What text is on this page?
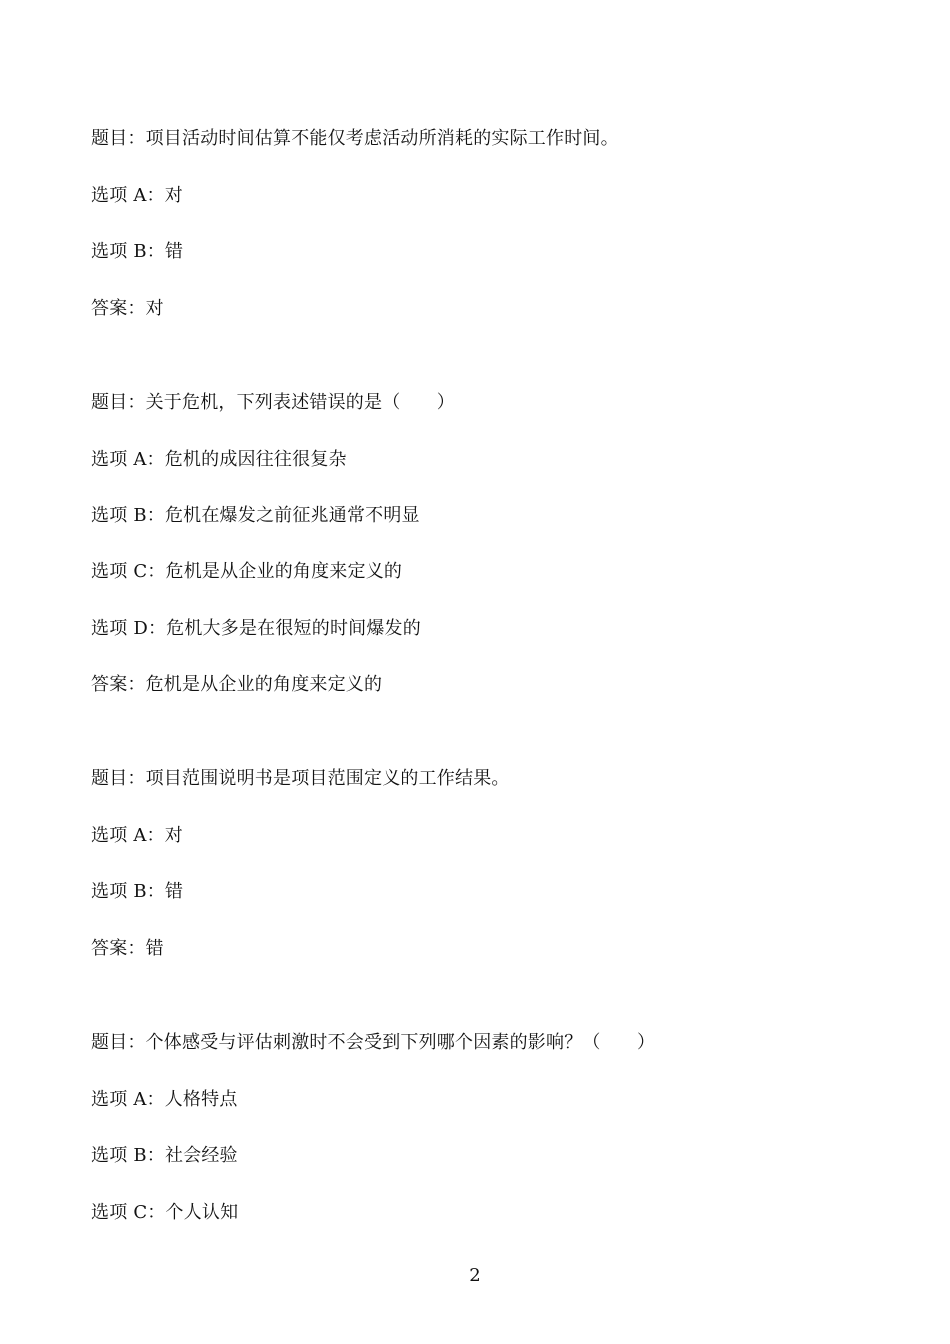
题目：项目活动时间估算不能仅考虑活动所消耗的实际工作时间。
选项 A：对
选项 B：错
答案：对
题目：关于危机，下列表述错误的是（　　）
选项 A：危机的成因往往很复杂
选项 B：危机在爆发之前征兆通常不明显
选项 C：危机是从企业的角度来定义的
选项 D：危机大多是在很短的时间爆发的
答案：危机是从企业的角度来定义的
题目：项目范围说明书是项目范围定义的工作结果。
选项 A：对
选项 B：错
答案：错
题目：个体感受与评估刺激时不会受到下列哪个因素的影响？（　　）
选项 A：人格特点
选项 B：社会经验
选项 C：个人认知
2
